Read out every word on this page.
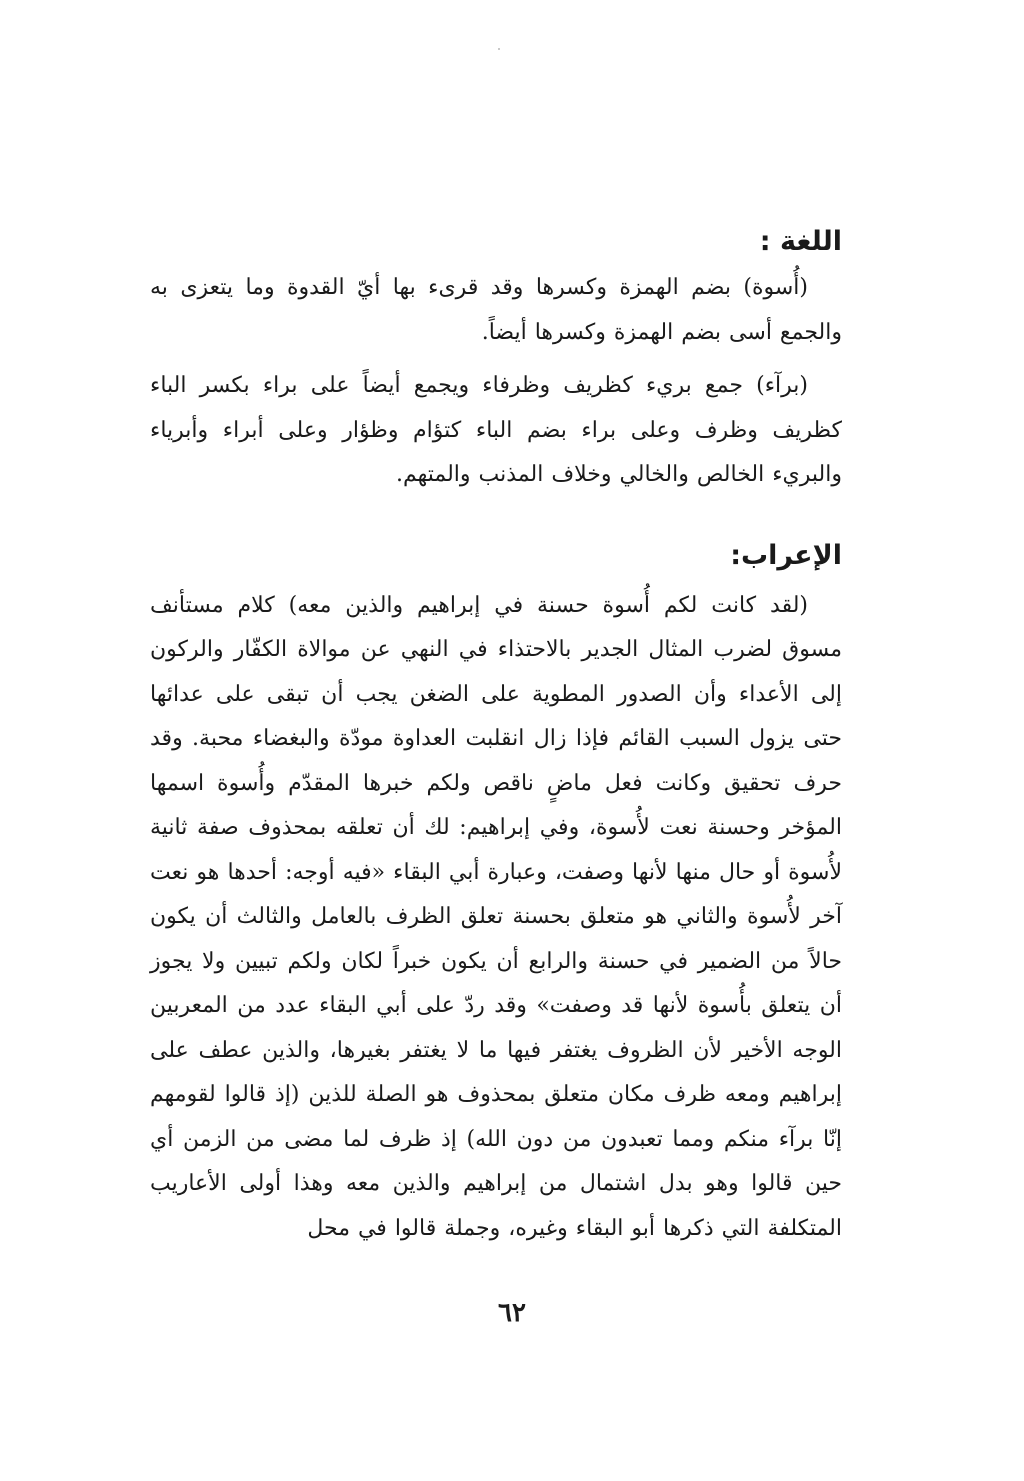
اللغة :

(أُسوة) بضم الهمزة وكسرها وقد قرىء بها أيّ القدوة وما يتعزى به والجمع أسى بضم الهمزة وكسرها أيضاً.

(برآء) جمع بريء كظريف وظرفاء ويجمع أيضاً على براء بكسر الباء كظريف وظرف وعلى براء بضم الباء كتؤام وظؤار وعلى أبراء وأبرياء والبريء الخالص والخالي وخلاف المذنب والمتهم.

الإعراب:

(لقد كانت لكم أُسوة حسنة في إبراهيم والذين معه) كلام مستأنف مسوق لضرب المثال الجدير بالاحتذاء في النهي عن موالاة الكفّار والركون إلى الأعداء وأن الصدور المطوية على الضغن يجب أن تبقى على عدائها حتى يزول السبب القائم فإذا زال انقلبت العداوة مودّة والبغضاء محبة. وقد حرف تحقيق وكانت فعل ماضٍ ناقص ولكم خبرها المقدّم وأُسوة اسمها المؤخر وحسنة نعت لأُسوة، وفي إبراهيم: لك أن تعلقه بمحذوف صفة ثانية لأُسوة أو حال منها لأنها وصفت، وعبارة أبي البقاء «فيه أوجه: أحدها هو نعت آخر لأُسوة والثاني هو متعلق بحسنة تعلق الظرف بالعامل والثالث أن يكون حالاً من الضمير في حسنة والرابع أن يكون خبراً لكان ولكم تبيين ولا يجوز أن يتعلق بأُسوة لأنها قد وصفت» وقد ردّ على أبي البقاء عدد من المعربين الوجه الأخير لأن الظروف يغتفر فيها ما لا يغتفر بغيرها، والذين عطف على إبراهيم ومعه ظرف مكان متعلق بمحذوف هو الصلة للذين (إذ قالوا لقومهم إنّا برآء منكم ومما تعبدون من دون الله) إذ ظرف لما مضى من الزمن أي حين قالوا وهو بدل اشتمال من إبراهيم والذين معه وهذا أولى الأعاريب المتكلفة التي ذكرها أبو البقاء وغيره، وجملة قالوا في محل

٦٢
